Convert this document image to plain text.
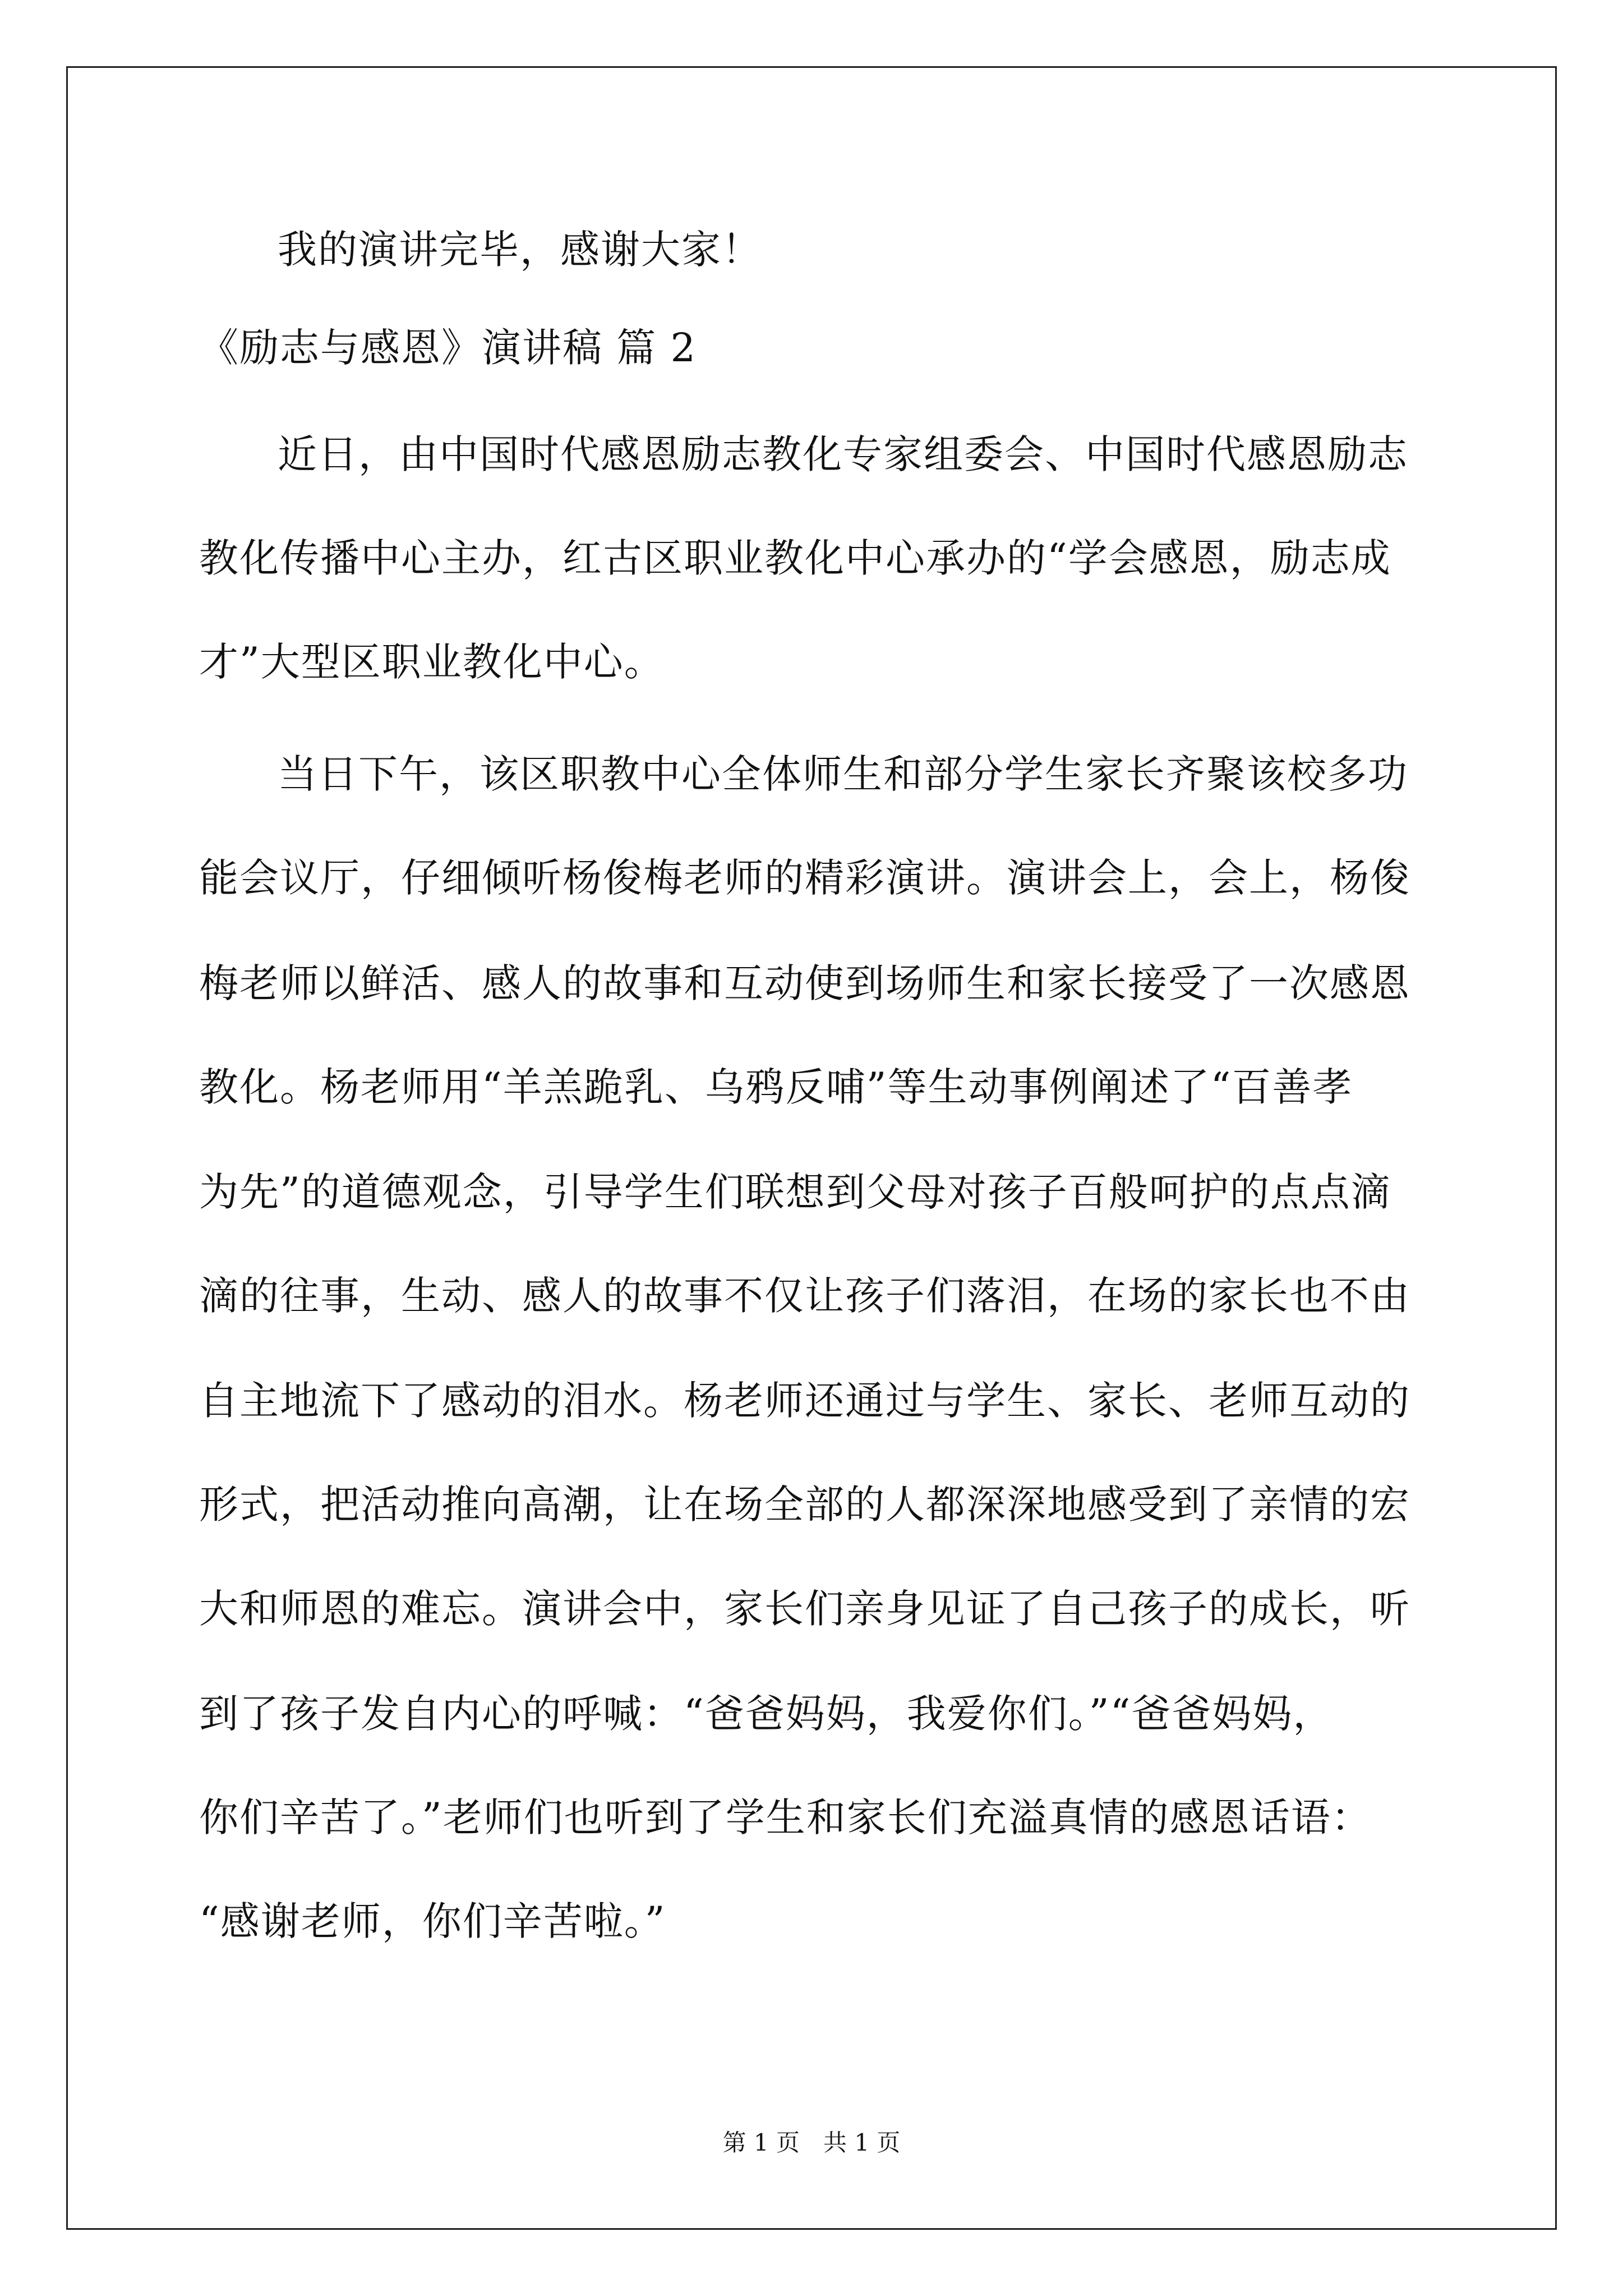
我的演讲完毕，感谢大家！
《励志与感恩》演讲稿 篇 2
近日，由中国时代感恩励志教化专家组委会、中国时代感恩励志
教化传播中心主办，红古区职业教化中心承办的“学会感恩，励志成
才”大型区职业教化中心。
当日下午，该区职教中心全体师生和部分学生家长齐聚该校多功
能会议厅，仔细倾听杨俊梅老师的精彩演讲。演讲会上，会上，杨俊
梅老师以鲜活、感人的故事和互动使到场师生和家长接受了一次感恩
教化。杨老师用“羊羔跪乳、乌鸦反哺”等生动事例阐述了“百善孝
为先”的道德观念，引导学生们联想到父母对孩子百般呵护的点点滴
滴的往事，生动、感人的故事不仅让孩子们落泪，在场的家长也不由
自主地流下了感动的泪水。杨老师还通过与学生、家长、老师互动的
形式，把活动推向高潮，让在场全部的人都深深地感受到了亲情的宏
大和师恩的难忘。演讲会中，家长们亲身见证了自己孩子的成长，听
到了孩子发自内心的呼喊：“爸爸妈妈，我爱你们。”“爸爸妈妈，
你们辛苦了。”老师们也听到了学生和家长们充溢真情的感恩话语：
“感谢老师，你们辛苦啦。”
第 1 页　共 1 页
